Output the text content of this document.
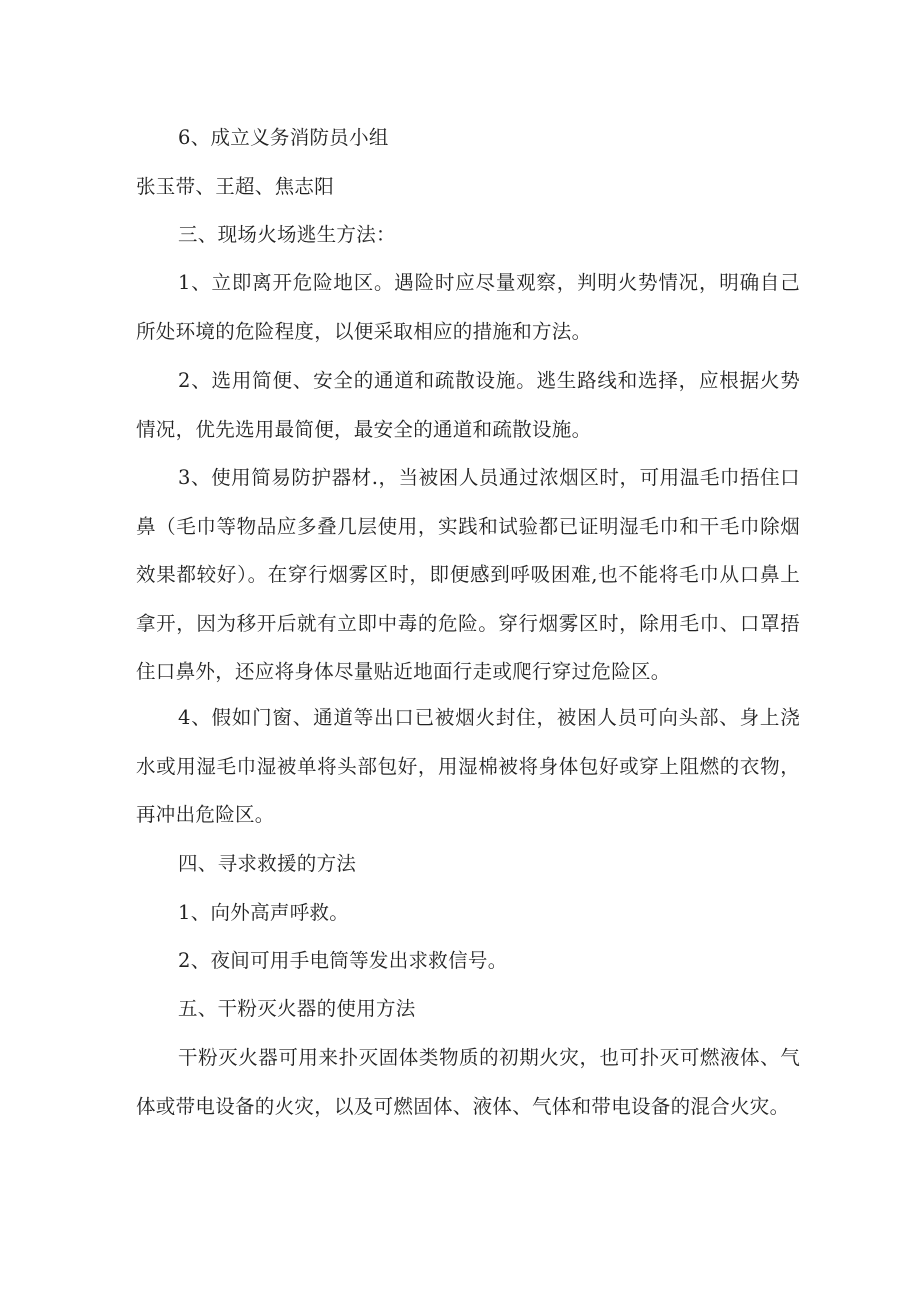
6、成立义务消防员小组

张玉带、王超、焦志阳

三、现场火场逃生方法：

1、立即离开危险地区。遇险时应尽量观察，判明火势情况，明确自己所处环境的危险程度，以便采取相应的措施和方法。

2、选用简便、安全的通道和疏散设施。逃生路线和选择，应根据火势情况，优先选用最简便，最安全的通道和疏散设施。

3、使用简易防护器材.，当被困人员通过浓烟区时，可用温毛巾捂住口鼻（毛巾等物品应多叠几层使用，实践和试验都已证明湿毛巾和干毛巾除烟效果都较好）。在穿行烟雾区时，即便感到呼吸困难,也不能将毛巾从口鼻上拿开，因为移开后就有立即中毒的危险。穿行烟雾区时，除用毛巾、口罩捂住口鼻外，还应将身体尽量贴近地面行走或爬行穿过危险区。

4、假如门窗、通道等出口已被烟火封住，被困人员可向头部、身上浇水或用湿毛巾湿被单将头部包好，用湿棉被将身体包好或穿上阻燃的衣物，再冲出危险区。

四、寻求救援的方法

1、向外高声呼救。

2、夜间可用手电筒等发出求救信号。

五、干粉灭火器的使用方法

干粉灭火器可用来扑灭固体类物质的初期火灾，也可扑灭可燃液体、气体或带电设备的火灾，以及可燃固体、液体、气体和带电设备的混合火灾。
